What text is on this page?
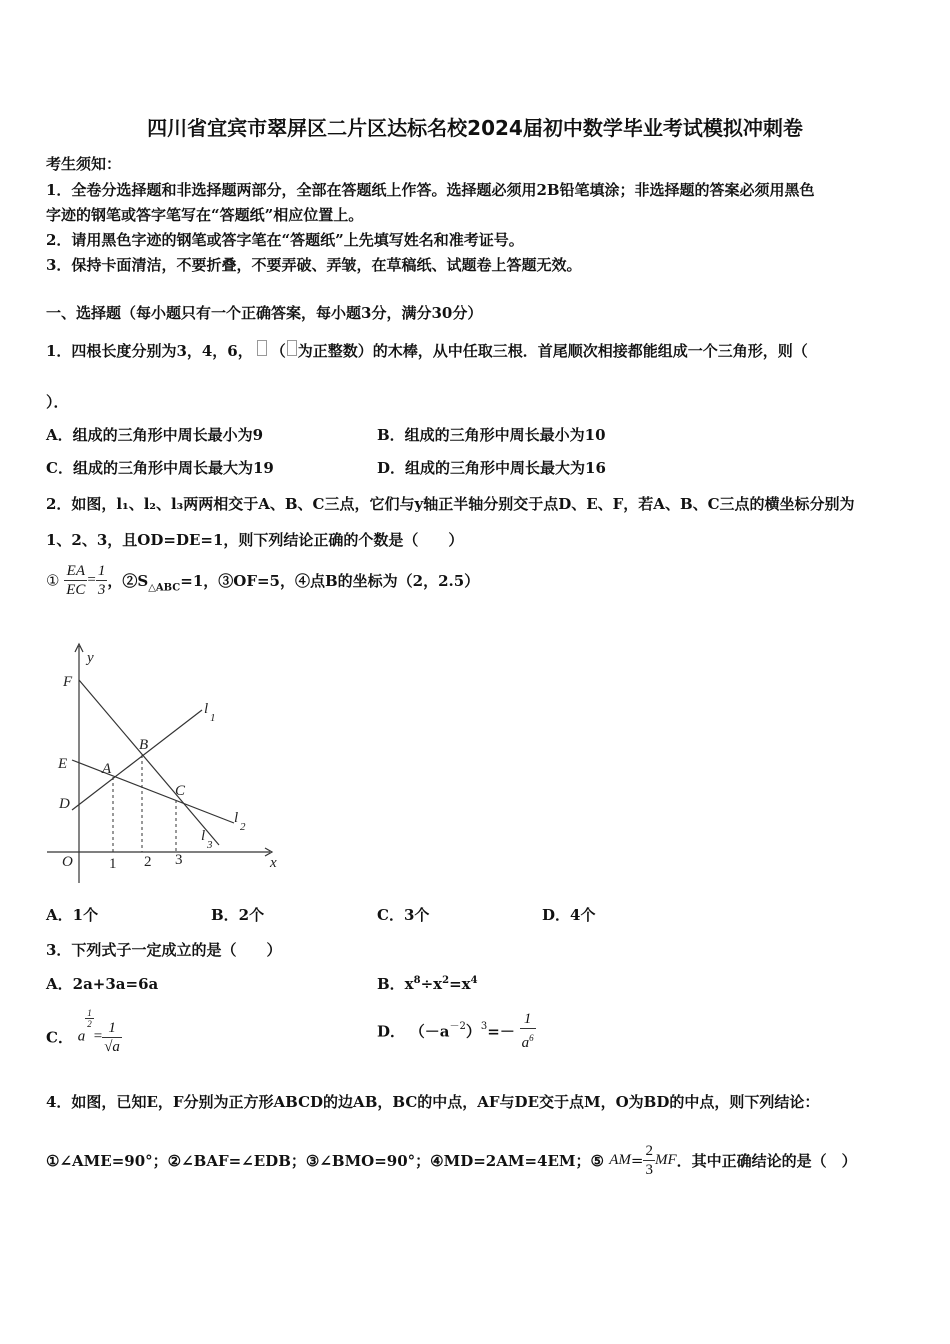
四川省宜宾市翠屏区二片区达标名校2024届初中数学毕业考试模拟冲刺卷
考生须知：
1．全卷分选择题和非选择题两部分，全部在答题纸上作答。选择题必须用2B铅笔填涂；非选择题的答案必须用黑色
字迹的钢笔或答字笔写在“答题纸”相应位置上。
2．请用黑色字迹的钢笔或答字笔在“答题纸”上先填写姓名和准考证号。
3．保持卡面清洁，不要折叠，不要弄破、弄皱，在草稿纸、试题卷上答题无效。
一、选择题（每小题只有一个正确答案，每小题3分，满分30分）
1．四根长度分别为3，4，6， （ 为正整数）的木棒，从中任取三根．首尾顺次相接都能组成一个三角形，则（
）．
A．组成的三角形中周长最小为9	B．组成的三角形中周长最小为10
C．组成的三角形中周长最大为19	D．组成的三角形中周长最大为16
2．如图，l₁、l₂、l₃两两相交于A、B、C三点，它们与y轴正半轴分别交于点D、E、F，若A、B、C三点的横坐标分别为
1、2、3，且OD=DE=1，则下列结论正确的个数是（　　）
① $\frac{EA}{EC} = \frac{1}{3}$ ，$②S_{\triangle ABC}=1$，③OF=5，④点B的坐标为（2，2.5）
y
x
O
F
E
D
A
B
C
l
1
l
2
l
3
1 2 3
A．1个	B．2个	C．3个	D．4个
3．下列式子一定成立的是（　　）
A．2a+3a=6a	B．$x^8\div x^2=x^4$
C． a
$\frac{1}{2}$
= $\frac{1}{√a}$	D． $(-a^{-2})^3=- \frac{1}{a^6}$
4．如图，已知E，F分别为正方形ABCD的边AB，BC的中点，AF与DE交于点M，O为BD的中点，则下列结论：
①∠AME=90°；②∠BAF=∠EDB；③∠BMO=90°；④MD=2AM=4EM；⑤ $AM= \frac{2}{3}$ MF．其中正确结论的是（　）
